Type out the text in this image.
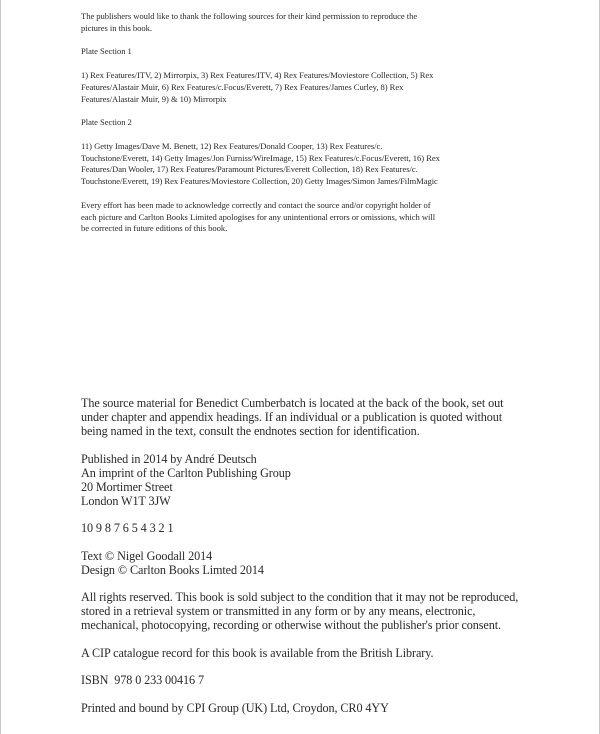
The publishers would like to thank the following sources for their kind permission to reproduce the pictures in this book.

Plate Section 1

1) Rex Features/ITV, 2) Mirrorpix, 3) Rex Features/ITV, 4) Rex Features/Moviestore Collection, 5) Rex Features/Alastair Muir, 6) Rex Features/c.Focus/Everett, 7) Rex Features/James Curley, 8) Rex Features/Alastair Muir, 9) & 10) Mirrorpix

Plate Section 2

11) Getty Images/Dave M. Benett, 12) Rex Features/Donald Cooper, 13) Rex Features/c. Touchstone/Everett, 14) Getty Images/Jon Furniss/WireImage, 15) Rex Features/c.Focus/Everett, 16) Rex Features/Dan Wooler, 17) Rex Features/Paramount Pictures/Everett Collection, 18) Rex Features/c. Touchstone/Everett, 19) Rex Features/Moviestore Collection, 20) Getty Images/Simon James/FilmMagic

Every effort has been made to acknowledge correctly and contact the source and/or copyright holder of each picture and Carlton Books Limited apologises for any unintentional errors or omissions, which will be corrected in future editions of this book.

The source material for Benedict Cumberbatch is located at the back of the book, set out under chapter and appendix headings. If an individual or a publication is quoted without being named in the text, consult the endnotes section for identification.

Published in 2014 by André Deutsch
An imprint of the Carlton Publishing Group
20 Mortimer Street
London W1T 3JW

10 9 8 7 6 5 4 3 2 1

Text © Nigel Goodall 2014
Design © Carlton Books Limted 2014

All rights reserved. This book is sold subject to the condition that it may not be reproduced, stored in a retrieval system or transmitted in any form or by any means, electronic, mechanical, photocopying, recording or otherwise without the publisher's prior consent.

A CIP catalogue record for this book is available from the British Library.

ISBN  978 0 233 00416 7

Printed and bound by CPI Group (UK) Ltd, Croydon, CR0 4YY
